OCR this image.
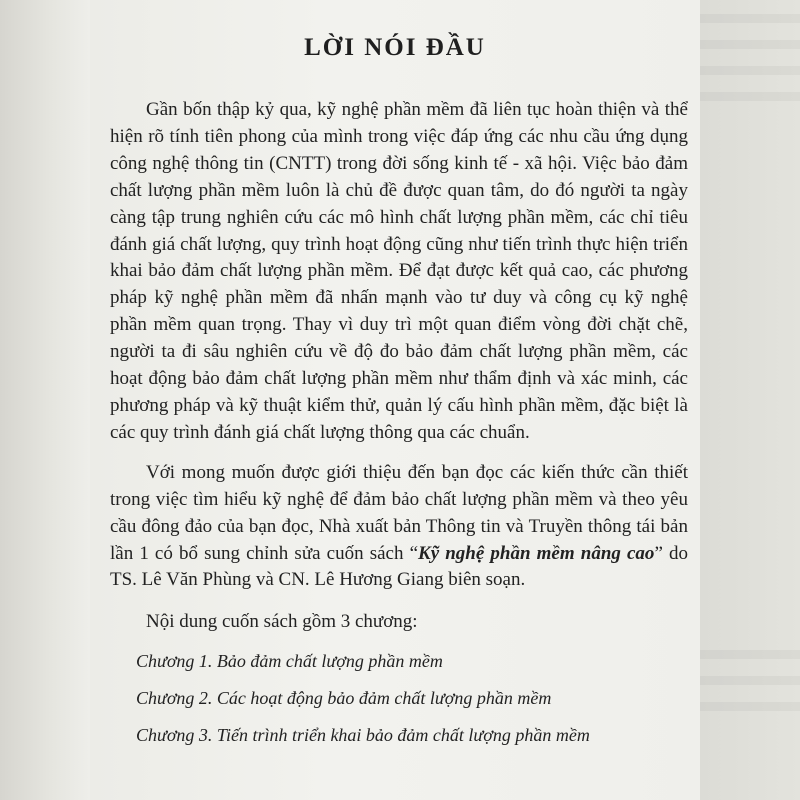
LỜI NÓI ĐẦU

Gần bốn thập kỷ qua, kỹ nghệ phần mềm đã liên tục hoàn thiện và thể hiện rõ tính tiên phong của mình trong việc đáp ứng các nhu cầu ứng dụng công nghệ thông tin (CNTT) trong đời sống kinh tế - xã hội. Việc bảo đảm chất lượng phần mềm luôn là chủ đề được quan tâm, do đó người ta ngày càng tập trung nghiên cứu các mô hình chất lượng phần mềm, các chỉ tiêu đánh giá chất lượng, quy trình hoạt động cũng như tiến trình thực hiện triển khai bảo đảm chất lượng phần mềm. Để đạt được kết quả cao, các phương pháp kỹ nghệ phần mềm đã nhấn mạnh vào tư duy và công cụ kỹ nghệ phần mềm quan trọng. Thay vì duy trì một quan điểm vòng đời chặt chẽ, người ta đi sâu nghiên cứu về độ đo bảo đảm chất lượng phần mềm, các hoạt động bảo đảm chất lượng phần mềm như thẩm định và xác minh, các phương pháp và kỹ thuật kiểm thử, quản lý cấu hình phần mềm, đặc biệt là các quy trình đánh giá chất lượng thông qua các chuẩn.

Với mong muốn được giới thiệu đến bạn đọc các kiến thức cần thiết trong việc tìm hiểu kỹ nghệ để đảm bảo chất lượng phần mềm và theo yêu cầu đông đảo của bạn đọc, Nhà xuất bản Thông tin và Truyền thông tái bản lần 1 có bổ sung chỉnh sửa cuốn sách “Kỹ nghệ phần mềm nâng cao” do TS. Lê Văn Phùng và CN. Lê Hương Giang biên soạn.

Nội dung cuốn sách gồm 3 chương:
Chương 1. Bảo đảm chất lượng phần mềm
Chương 2. Các hoạt động bảo đảm chất lượng phần mềm
Chương 3. Tiến trình triển khai bảo đảm chất lượng phần mềm
